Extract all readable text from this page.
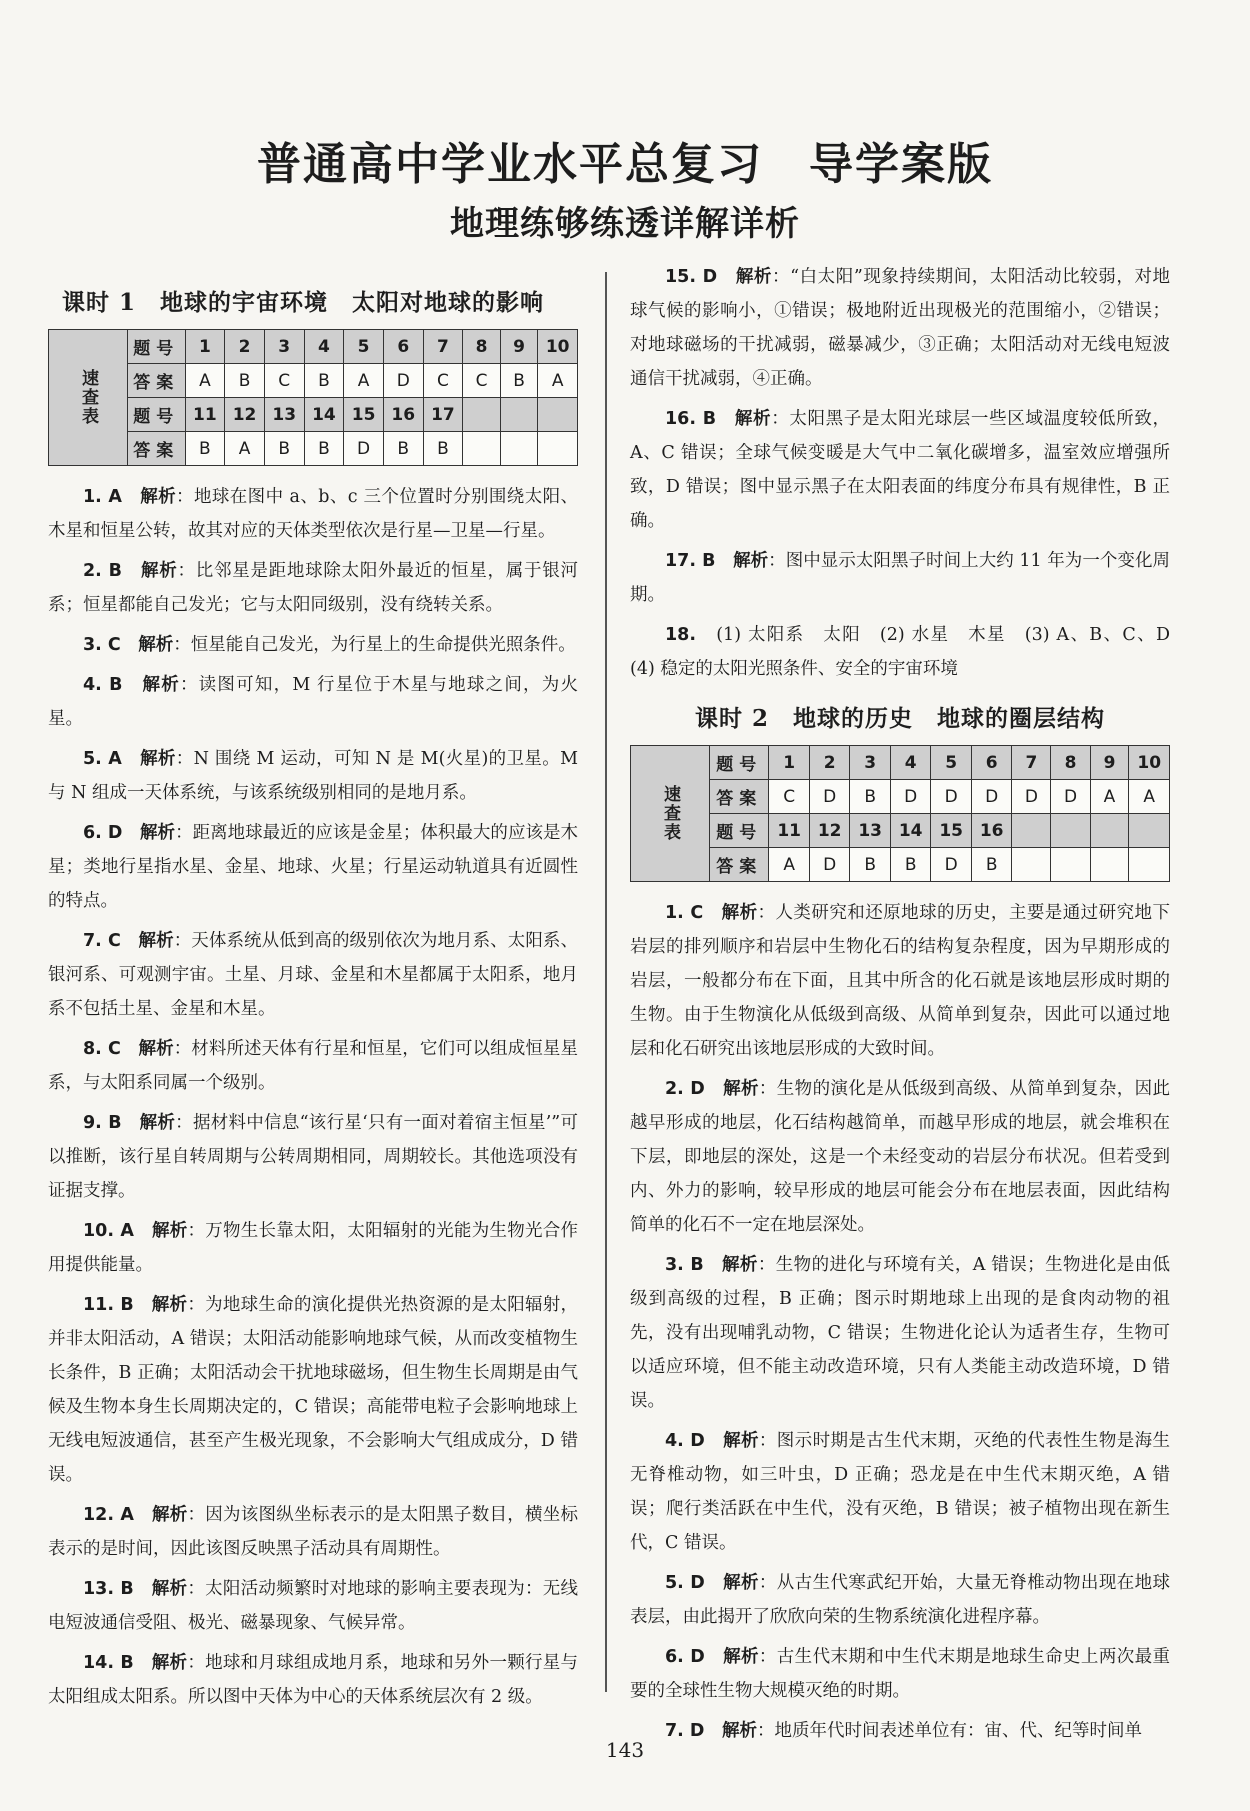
普通高中学业水平总复习　导学案版
地理练够练透详解详析
课时 1　地球的宇宙环境　太阳对地球的影响
速查表	题号	1	2	3	4	5	6	7	8	9	10
	答案	A	B	C	B	A	D	C	C	B	A
	题号	11	12	13	14	15	16	17			
	答案	B	A	B	B	D	B	B			

1. A　 解析：地球在图中 a、b、c 三个位置时分别围绕太阳、木星和恒星公转，故其对应的天体类型依次是行星—卫星—行星。

2. B　 解析：比邻星是距地球除太阳外最近的恒星，属于银河系；恒星都能自己发光；它与太阳同级别，没有绕转关系。

3. C　 解析：恒星能自己发光，为行星上的生命提供光照条件。

4. B　 解析：读图可知，M 行星位于木星与地球之间，为火星。

5. A　 解析：N 围绕 M 运动，可知 N 是 M(火星)的卫星。M 与 N 组成一天体系统，与该系统级别相同的是地月系。

6. D　 解析：距离地球最近的应该是金星；体积最大的应该是木星；类地行星指水星、金星、地球、火星；行星运动轨道具有近圆性的特点。

7. C　 解析：天体系统从低到高的级别依次为地月系、太阳系、银河系、可观测宇宙。土星、月球、金星和木星都属于太阳系，地月系不包括土星、金星和木星。

8. C　 解析：材料所述天体有行星和恒星，它们可以组成恒星星系，与太阳系同属一个级别。

9. B　 解析：据材料中信息“该行星‘只有一面对着宿主恒星’”可以推断，该行星自转周期与公转周期相同，周期较长。其他选项没有证据支撑。

10. A　 解析：万物生长靠太阳，太阳辐射的光能为生物光合作用提供能量。

11. B　 解析：为地球生命的演化提供光热资源的是太阳辐射，并非太阳活动，A 错误；太阳活动能影响地球气候，从而改变植物生长条件，B 正确；太阳活动会干扰地球磁场，但生物生长周期是由气候及生物本身生长周期决定的，C 错误；高能带电粒子会影响地球上无线电短波通信，甚至产生极光现象，不会影响大气组成成分，D 错误。

12. A　 解析：因为该图纵坐标表示的是太阳黑子数目，横坐标表示的是时间，因此该图反映黑子活动具有周期性。

13. B　 解析：太阳活动频繁时对地球的影响主要表现为：无线电短波通信受阻、极光、磁暴现象、气候异常。

14. B　 解析：地球和月球组成地月系，地球和另外一颗行星与太阳组成太阳系。所以图中天体为中心的天体系统层次有 2 级。

15. D　 解析：“白太阳”现象持续期间，太阳活动比较弱，对地球气候的影响小，①错误；极地附近出现极光的范围缩小，②错误；对地球磁场的干扰减弱，磁暴减少，③正确；太阳活动对无线电短波通信干扰减弱，④正确。

16. B　 解析：太阳黑子是太阳光球层一些区域温度较低所致，A、C 错误；全球气候变暖是大气中二氧化碳增多，温室效应增强所致，D 错误；图中显示黑子在太阳表面的纬度分布具有规律性，B 正确。

17. B　 解析：图中显示太阳黑子时间上大约 11 年为一个变化周期。

18.　 (1) 太阳系　太阳　(2) 水星　木星　(3) A、B、C、D　(4) 稳定的太阳光照条件、安全的宇宙环境

课时 2　地球的历史　地球的圈层结构
速查表	题号	1	2	3	4	5	6	7	8	9	10
	答案	C	D	B	D	D	D	D	D	A	A
	题号	11	12	13	14	15	16				
	答案	A	D	B	B	D	B				

1. C　 解析：人类研究和还原地球的历史，主要是通过研究地下岩层的排列顺序和岩层中生物化石的结构复杂程度，因为早期形成的岩层，一般都分布在下面，且其中所含的化石就是该地层形成时期的生物。由于生物演化从低级到高级、从简单到复杂，因此可以通过地层和化石研究出该地层形成的大致时间。

2. D　 解析：生物的演化是从低级到高级、从简单到复杂，因此越早形成的地层，化石结构越简单，而越早形成的地层，就会堆积在下层，即地层的深处，这是一个未经变动的岩层分布状况。但若受到内、外力的影响，较早形成的地层可能会分布在地层表面，因此结构简单的化石不一定在地层深处。

3. B　 解析：生物的进化与环境有关，A 错误；生物进化是由低级到高级的过程，B 正确；图示时期地球上出现的是食肉动物的祖先，没有出现哺乳动物，C 错误；生物进化论认为适者生存，生物可以适应环境，但不能主动改造环境，只有人类能主动改造环境，D 错误。

4. D　 解析：图示时期是古生代末期，灭绝的代表性生物是海生无脊椎动物，如三叶虫，D 正确；恐龙是在中生代末期灭绝，A 错误；爬行类活跃在中生代，没有灭绝，B 错误；被子植物出现在新生代，C 错误。

5. D　 解析：从古生代寒武纪开始，大量无脊椎动物出现在地球表层，由此揭开了欣欣向荣的生物系统演化进程序幕。

6. D　 解析：古生代末期和中生代末期是地球生命史上两次最重要的全球性生物大规模灭绝的时期。

7. D　 解析：地质年代时间表述单位有：宙、代、纪等时间单

143
